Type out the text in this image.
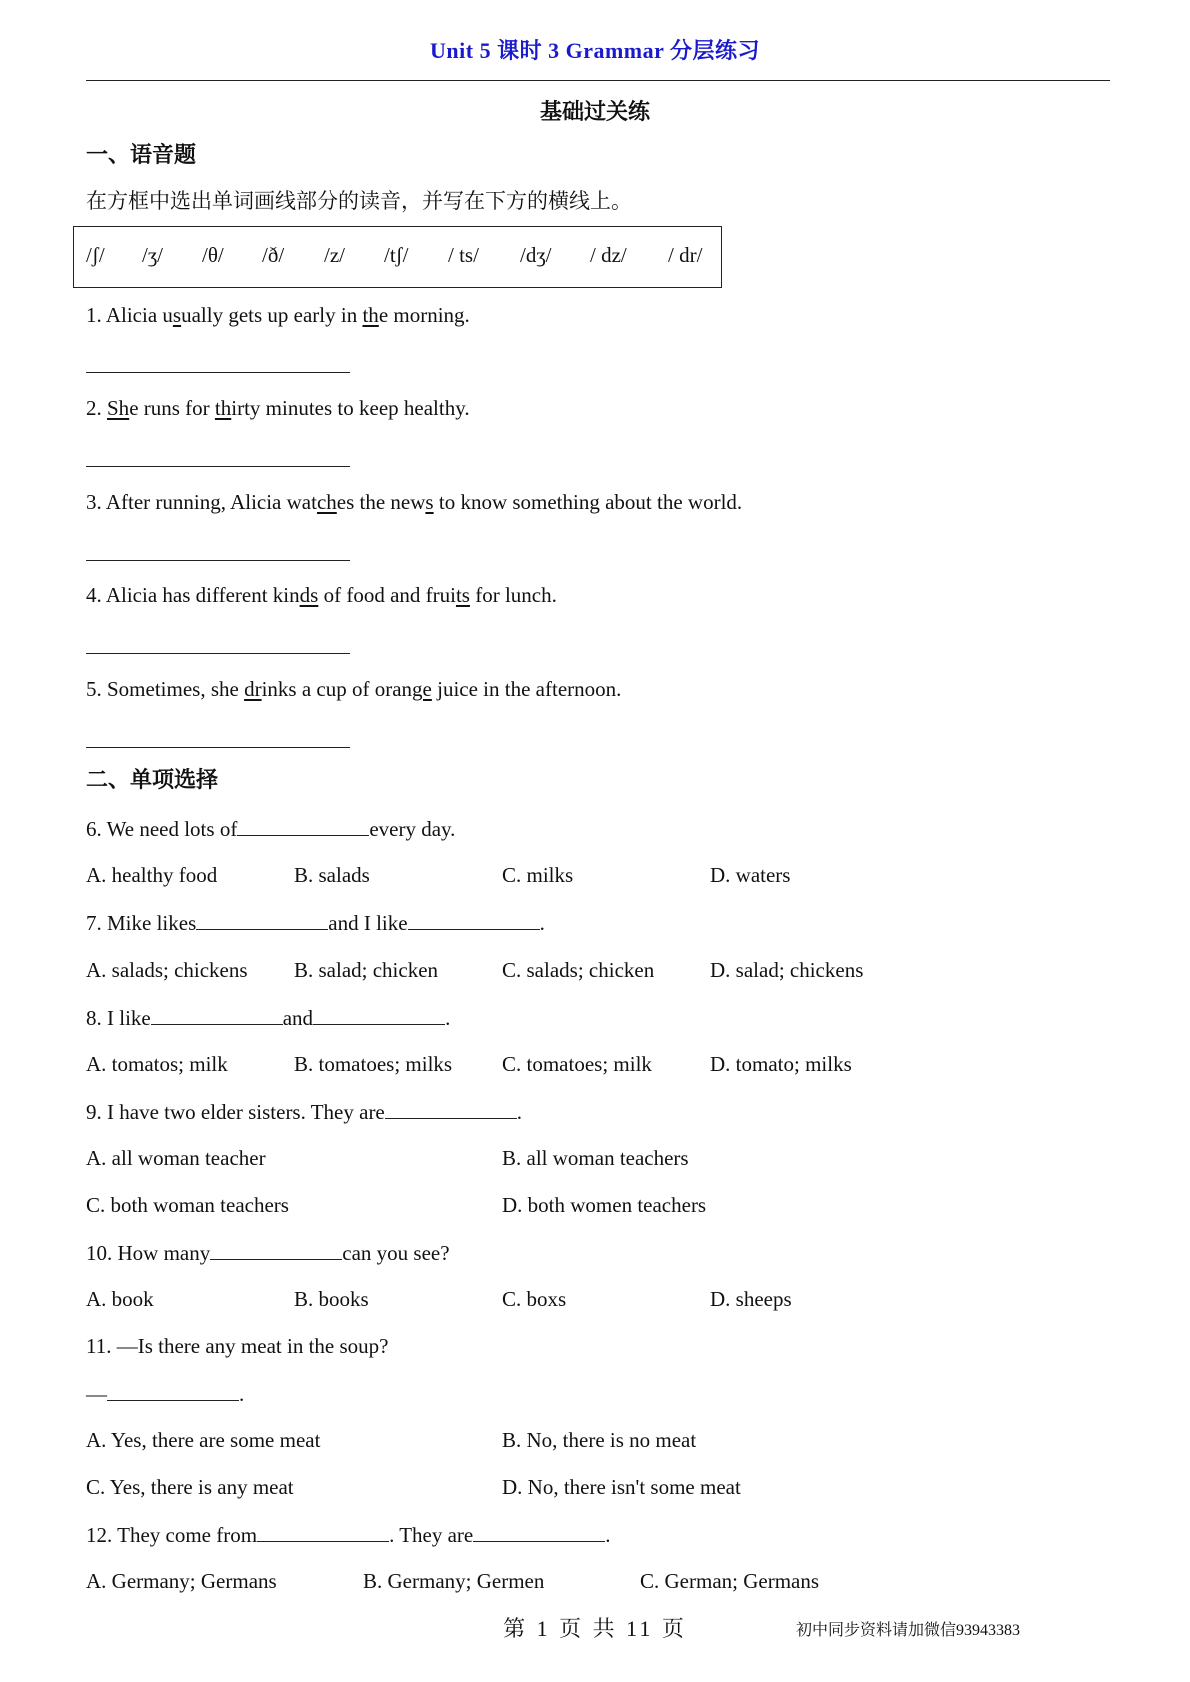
Unit 5 课时 3 Grammar 分层练习
基础过关练
一、语音题
在方框中选出单词画线部分的读音，并写在下方的横线上。
/ʃ/ /ʒ/ /θ/ /ð/ /z/ /tʃ/ / ts/ /dʒ/ / dz/ / dr/
1. Alicia usually gets up early in the morning.
2. She runs for thirty minutes to keep healthy.
3. After running, Alicia watches the news to know something about the world.
4. Alicia has different kinds of food and fruits for lunch.
5. Sometimes, she drinks a cup of orange juice in the afternoon.
二、单项选择
6. We need lots of	every day.
A. healthy food	B. salads	C. milks	D. waters
7. Mike likes	and I like	.
A. salads; chickens B. salad; chicken	C. salads; chicken	D. salad; chickens
8. I like	and	.
A. tomatos; milk	B. tomatoes; milks C. tomatoes; milk	D. tomato; milks
9. I have two elder sisters. They are	.
A. all woman teacher	B. all woman teachers
C. both woman teachers	D. both women teachers
10. How many	can you see?
A. book	B. books	C. boxs	D. sheeps
11. —Is there any meat in the soup?
—	.
A. Yes, there are some meat	B. No, there is no meat
C. Yes, there is any meat	D. No, there isn't some meat
12. They come from	. They are	.
A. Germany; Germans	B. Germany; Germen	C. German; Germans
第 1 页 共 11 页	初中同步资料请加微信93943383
